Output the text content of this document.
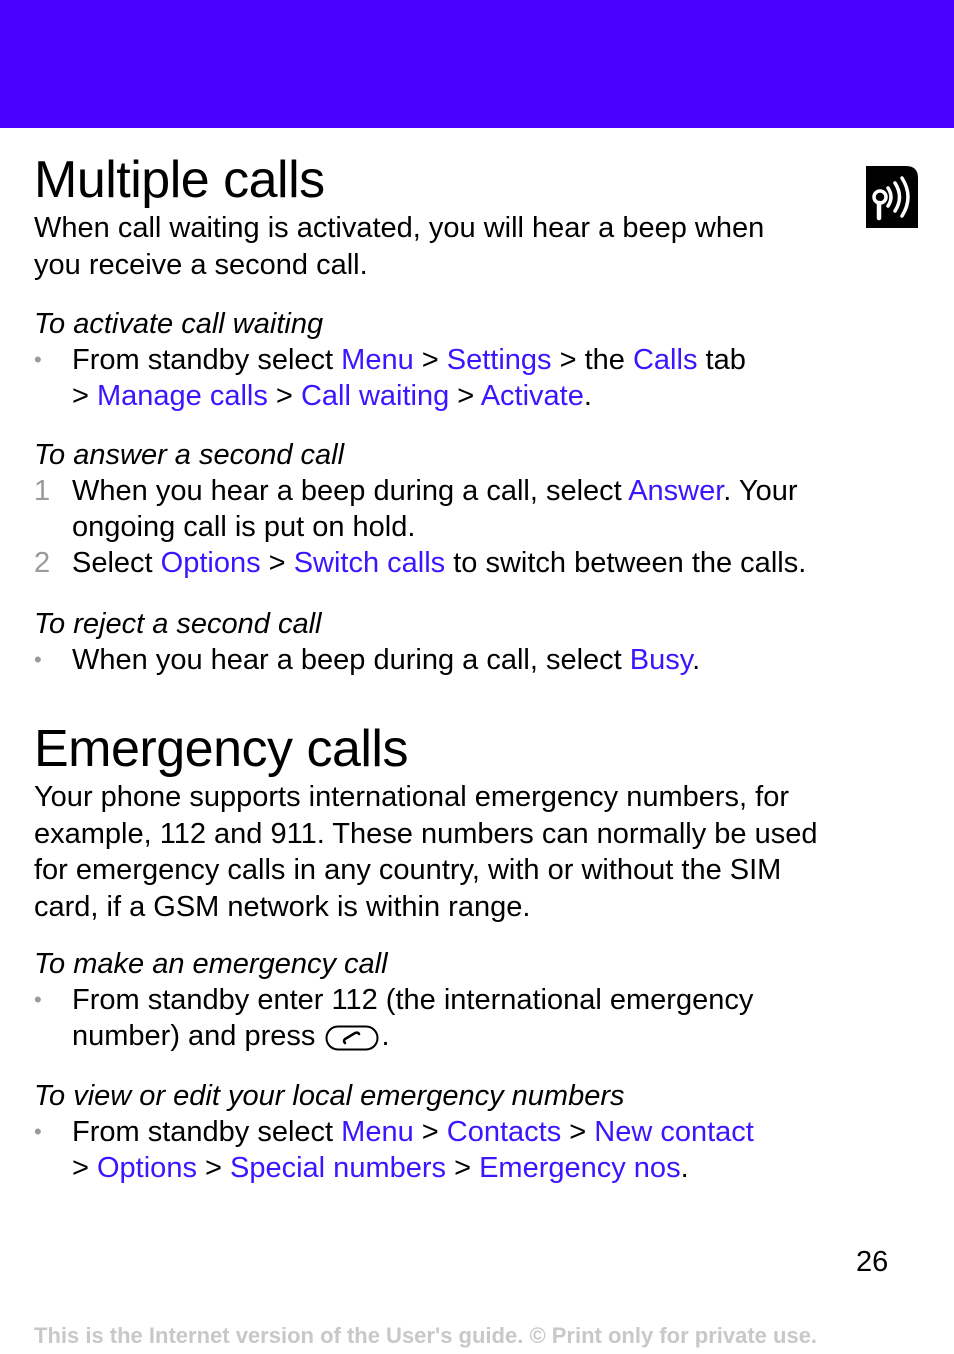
Multiple calls

When call waiting is activated, you will hear a beep when

you receive a second call.

To activate call waiting

•	From standby select Menu > Settings > the Calls tab
> Manage calls > Call waiting > Activate.

To answer a second call

1 When you hear a beep during a call, select Answer. Your
ongoing call is put on hold.
2 Select Options > Switch calls to switch between the calls.

To reject a second call

•	When you hear a beep during a call, select Busy.
Emergency calls

Your phone supports international emergency numbers, for

example, 112 and 911. These numbers can normally be used

for emergency calls in any country, with or without the SIM

card, if a GSM network is within range.

To make an emergency call

•	From standby enter 112 (the international emergency
number) and press .

To view or edit your local emergency numbers

•	From standby select Menu > Contacts > New contact
> Options > Special numbers > Emergency nos.
26
This is the Internet version of the User's guide. © Print only for private use.
